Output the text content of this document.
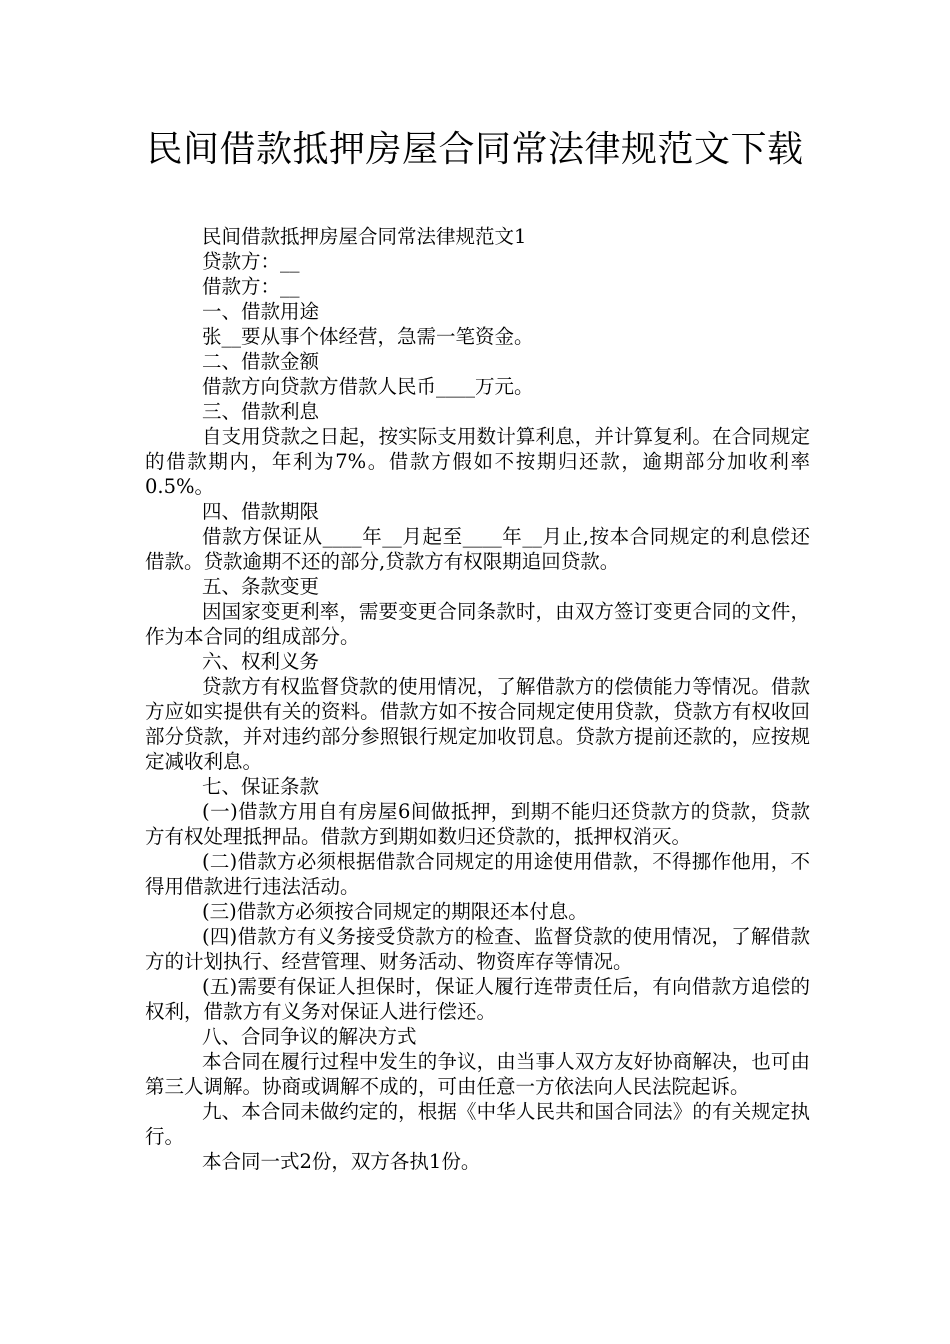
民间借款抵押房屋合同常法律规范文下载

民间借款抵押房屋合同常法律规范文1

贷款方：__

借款方：__

一、借款用途

张__要从事个体经营，急需一笔资金。

二、借款金额

借款方向贷款方借款人民币____万元。

三、借款利息

自支用贷款之日起，按实际支用数计算利息，并计算复利。在合同规定的借款期内，年利为7%。借款方假如不按期归还款，逾期部分加收利率0.5%。

四、借款期限

借款方保证从____年__月起至____年__月止,按本合同规定的利息偿还借款。贷款逾期不还的部分,贷款方有权限期追回贷款。

五、条款变更

因国家变更利率，需要变更合同条款时，由双方签订变更合同的文件，作为本合同的组成部分。

六、权利义务

贷款方有权监督贷款的使用情况，了解借款方的偿债能力等情况。借款方应如实提供有关的资料。借款方如不按合同规定使用贷款，贷款方有权收回部分贷款，并对违约部分参照银行规定加收罚息。贷款方提前还款的，应按规定减收利息。

七、保证条款

(一)借款方用自有房屋6间做抵押，到期不能归还贷款方的贷款，贷款方有权处理抵押品。借款方到期如数归还贷款的，抵押权消灭。

(二)借款方必须根据借款合同规定的用途使用借款，不得挪作他用，不得用借款进行违法活动。

(三)借款方必须按合同规定的期限还本付息。

(四)借款方有义务接受贷款方的检查、监督贷款的使用情况，了解借款方的计划执行、经营管理、财务活动、物资库存等情况。

(五)需要有保证人担保时，保证人履行连带责任后，有向借款方追偿的权利，借款方有义务对保证人进行偿还。

八、合同争议的解决方式

本合同在履行过程中发生的争议，由当事人双方友好协商解决，也可由第三人调解。协商或调解不成的，可由任意一方依法向人民法院起诉。

九、本合同未做约定的，根据《中华人民共和国合同法》的有关规定执行。

本合同一式2份，双方各执1份。
